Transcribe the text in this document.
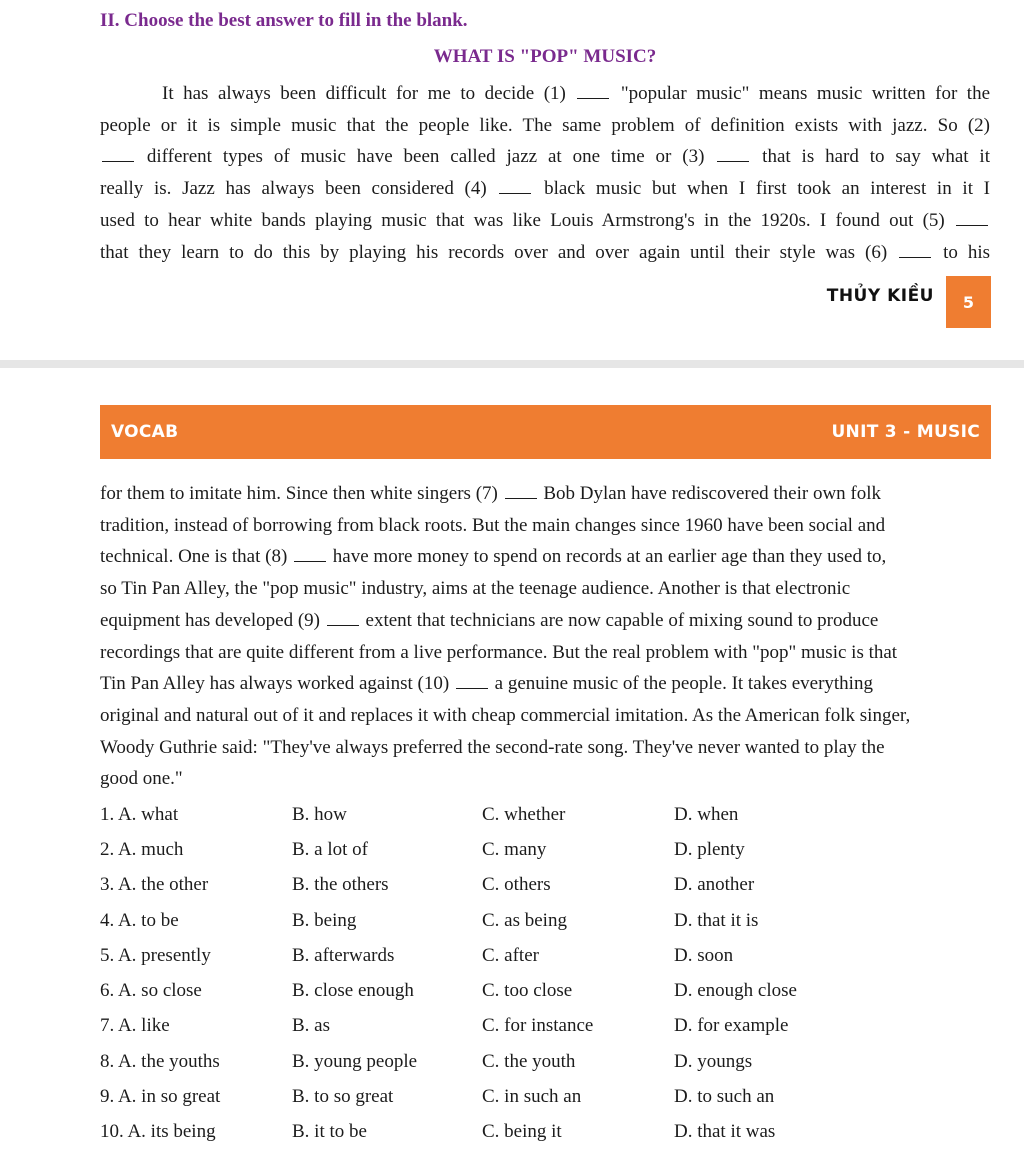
II. Choose the best answer to fill in the blank.
WHAT IS "POP" MUSIC?
It has always been difficult for me to decide (1)  "popular music" means music written for the
people or it is simple music that the people like. The same problem of definition exists with jazz. So (2)
different types of music have been called jazz at one time or (3)  that is hard to say what it
really is. Jazz has always been considered (4)  black music but when I first took an interest in it I
used to hear white bands playing music that was like Louis Armstrong's in the 1920s. I found out (5)
that they learn to do this by playing his records over and over again until their style was (6)  to his
THỦY KIỀU	5
VOCAB	UNIT 3 - MUSIC
for them to imitate him. Since then white singers (7)  Bob Dylan have rediscovered their own folk
tradition, instead of borrowing from black roots. But the main changes since 1960 have been social and
technical. One is that (8)  have more money to spend on records at an earlier age than they used to,
so Tin Pan Alley, the "pop music" industry, aims at the teenage audience. Another is that electronic
equipment has developed (9)  extent that technicians are now capable of mixing sound to produce
recordings that are quite different from a live performance. But the real problem with "pop" music is that
Tin Pan Alley has always worked against (10)  a genuine music of the people. It takes everything
original and natural out of it and replaces it with cheap commercial imitation. As the American folk singer,
Woody Guthrie said: "They've always preferred the second-rate song. They've never wanted to play the
good one."
1. A. what	B. how	C. whether	D. when
2. A. much	B. a lot of	C. many	D. plenty
3. A. the other	B. the others	C. others	D. another
4. A. to be	B. being	C. as being	D. that it is
5. A. presently	B. afterwards	C. after	D. soon
6. A. so close	B. close enough	C. too close	D. enough close
7. A. like	B. as	C. for instance	D. for example
8. A. the youths	B. young people	C. the youth	D. youngs
9. A. in so great	B. to so great	C. in such an	D. to such an
10. A. its being	B. it to be	C. being it	D. that it was
